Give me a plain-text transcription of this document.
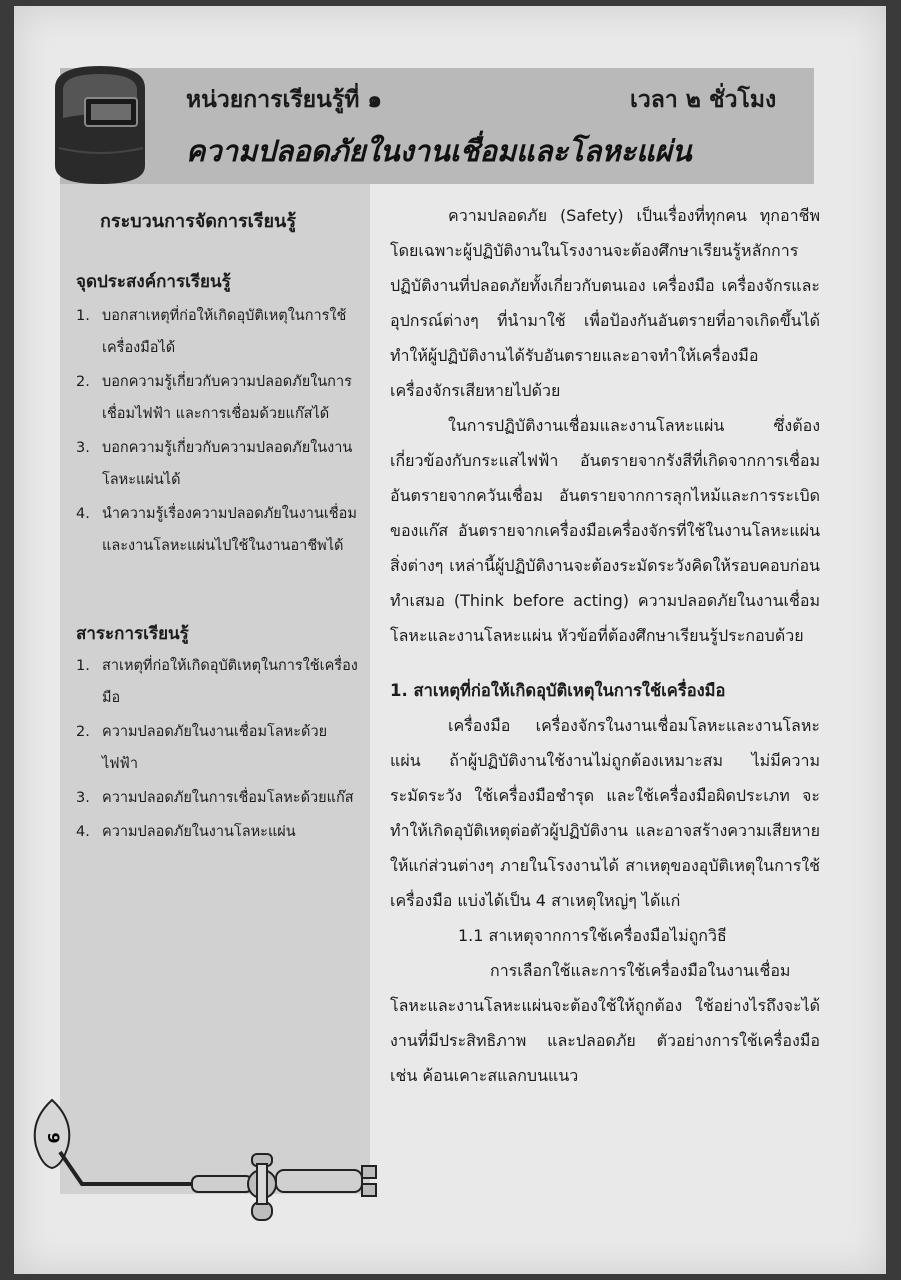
หน่วยการเรียนรู้ที่ ๑	เวลา ๒ ชั่วโมง
ความปลอดภัยในงานเชื่อมและโลหะแผ่น
กระบวนการจัดการเรียนรู้
จุดประสงค์การเรียนรู้
1. บอกสาเหตุที่ก่อให้เกิดอุบัติเหตุในการใช้เครื่องมือได้
2. บอกความรู้เกี่ยวกับความปลอดภัยในการเชื่อมไฟฟ้า และการเชื่อมด้วยแก๊สได้
3. บอกความรู้เกี่ยวกับความปลอดภัยในงานโลหะแผ่นได้
4. นำความรู้เรื่องความปลอดภัยในงานเชื่อมและงานโลหะแผ่นไปใช้ในงานอาชีพได้
สาระการเรียนรู้
1. สาเหตุที่ก่อให้เกิดอุบัติเหตุในการใช้เครื่องมือ
2. ความปลอดภัยในงานเชื่อมโลหะด้วยไฟฟ้า
3. ความปลอดภัยในการเชื่อมโลหะด้วยแก๊ส
4. ความปลอดภัยในงานโลหะแผ่น

ความปลอดภัย (Safety) เป็นเรื่องที่ทุกคน ทุกอาชีพโดยเฉพาะผู้ปฏิบัติงานในโรงงานจะต้องศึกษาเรียนรู้หลักการปฏิบัติงานที่ปลอดภัยทั้งเกี่ยวกับตนเอง เครื่องมือ เครื่องจักรและอุปกรณ์ต่างๆ ที่นำมาใช้ เพื่อป้องกันอันตรายที่อาจเกิดขึ้นได้ ทำให้ผู้ปฏิบัติงานได้รับอันตรายและอาจทำให้เครื่องมือ เครื่องจักรเสียหายไปด้วย

ในการปฏิบัติงานเชื่อมและงานโลหะแผ่น ซึ่งต้องเกี่ยวข้องกับกระแสไฟฟ้า อันตรายจากรังสีที่เกิดจากการเชื่อม อันตรายจากควันเชื่อม อันตรายจากการลุกไหม้และการระเบิดของแก๊ส อันตรายจากเครื่องมือเครื่องจักรที่ใช้ในงานโลหะแผ่น สิ่งต่างๆ เหล่านี้ผู้ปฏิบัติงานจะต้องระมัดระวังคิดให้รอบคอบก่อนทำเสมอ (Think before acting) ความปลอดภัยในงานเชื่อมโลหะและงานโลหะแผ่น หัวข้อที่ต้องศึกษาเรียนรู้ประกอบด้วย

1. สาเหตุที่ก่อให้เกิดอุบัติเหตุในการใช้เครื่องมือ

เครื่องมือ เครื่องจักรในงานเชื่อมโลหะและงานโลหะแผ่น ถ้าผู้ปฏิบัติงานใช้งานไม่ถูกต้องเหมาะสม ไม่มีความระมัดระวัง ใช้เครื่องมือชำรุด และใช้เครื่องมือผิดประเภท จะทำให้เกิดอุบัติเหตุต่อตัวผู้ปฏิบัติงาน และอาจสร้างความเสียหายให้แก่ส่วนต่างๆ ภายในโรงงานได้ สาเหตุของอุบัติเหตุในการใช้เครื่องมือ แบ่งได้เป็น 4 สาเหตุใหญ่ๆ ได้แก่

1.1 สาเหตุจากการใช้เครื่องมือไม่ถูกวิธี

การเลือกใช้และการใช้เครื่องมือในงานเชื่อมโลหะและงานโลหะแผ่นจะต้องใช้ให้ถูกต้อง ใช้อย่างไรถึงจะได้งานที่มีประสิทธิภาพ และปลอดภัย ตัวอย่างการใช้เครื่องมือ เช่น ค้อนเคาะสแลกบนแนว

9
